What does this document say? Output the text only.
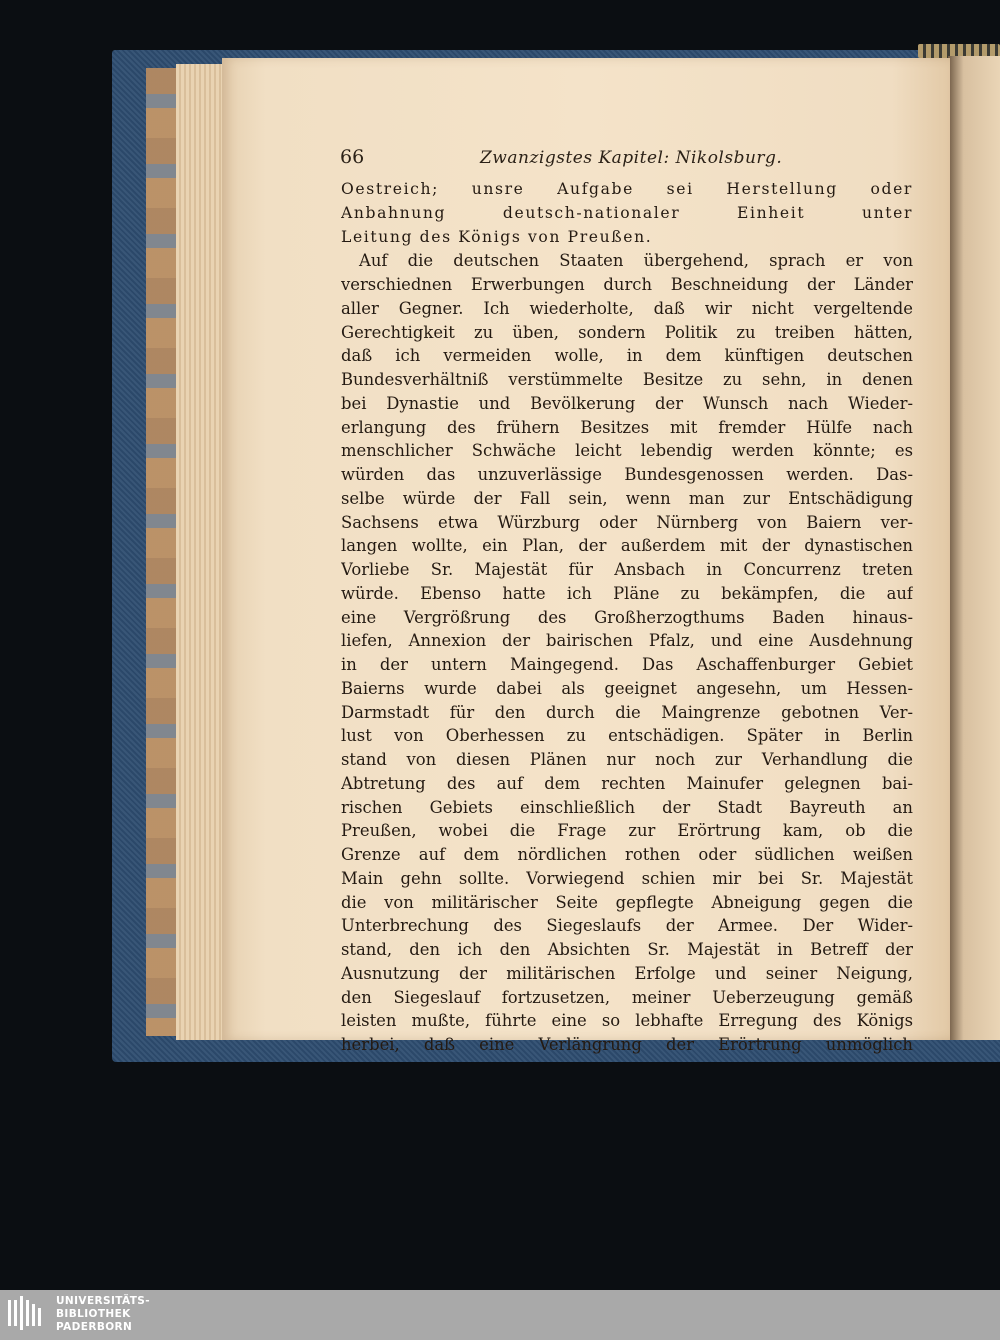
66	Zwanzigstes Kapitel: Nikolsburg.
Oestreich; unsre Aufgabe sei Herstellung oder
Anbahnung deutsch-nationaler Einheit unter
Leitung des Königs von Preußen.
Auf die deutschen Staaten übergehend, sprach er von
verschiednen Erwerbungen durch Beschneidung der Länder
aller Gegner. Ich wiederholte, daß wir nicht vergeltende
Gerechtigkeit zu üben, sondern Politik zu treiben hätten,
daß ich vermeiden wolle, in dem künftigen deutschen
Bundesverhältniß verstümmelte Besitze zu sehn, in denen
bei Dynastie und Bevölkerung der Wunsch nach Wieder-
erlangung des frühern Besitzes mit fremder Hülfe nach
menschlicher Schwäche leicht lebendig werden könnte; es
würden das unzuverlässige Bundesgenossen werden. Das-
selbe würde der Fall sein, wenn man zur Entschädigung
Sachsens etwa Würzburg oder Nürnberg von Baiern ver-
langen wollte, ein Plan, der außerdem mit der dynastischen
Vorliebe Sr. Majestät für Ansbach in Concurrenz treten
würde. Ebenso hatte ich Pläne zu bekämpfen, die auf
eine Vergrößrung des Großherzogthums Baden hinaus-
liefen, Annexion der bairischen Pfalz, und eine Ausdehnung
in der untern Maingegend. Das Aschaffenburger Gebiet
Baierns wurde dabei als geeignet angesehn, um Hessen-
Darmstadt für den durch die Maingrenze gebotnen Ver-
lust von Oberhessen zu entschädigen. Später in Berlin
stand von diesen Plänen nur noch zur Verhandlung die
Abtretung des auf dem rechten Mainufer gelegnen bai-
rischen Gebiets einschließlich der Stadt Bayreuth an
Preußen, wobei die Frage zur Erörtrung kam, ob die
Grenze auf dem nördlichen rothen oder südlichen weißen
Main gehn sollte. Vorwiegend schien mir bei Sr. Majestät
die von militärischer Seite gepflegte Abneigung gegen die
Unterbrechung des Siegeslaufs der Armee. Der Wider-
stand, den ich den Absichten Sr. Majestät in Betreff der
Ausnutzung der militärischen Erfolge und seiner Neigung,
den Siegeslauf fortzusetzen, meiner Ueberzeugung gemäß
leisten mußte, führte eine so lebhafte Erregung des Königs
herbei, daß eine Verlängrung der Erörtrung unmöglich
UNIVERSITÄTS-
BIBLIOTHEK
PADERBORN
